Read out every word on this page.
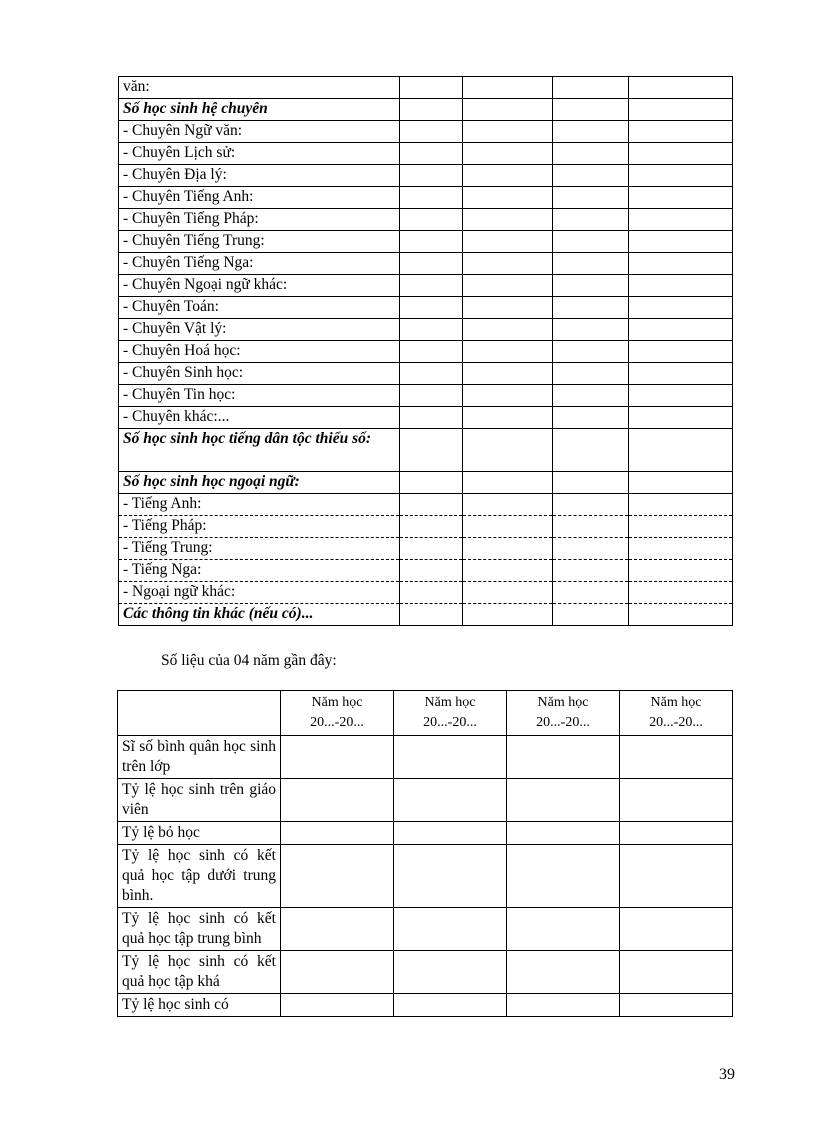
văn:				
Số học sinh hệ chuyên				
- Chuyên Ngữ văn:				
- Chuyên Lịch sử:				
- Chuyên Địa lý:				
- Chuyên Tiếng Anh:				
- Chuyên Tiếng Pháp:				
- Chuyên Tiếng Trung:				
- Chuyên Tiếng Nga:				
- Chuyên Ngoại ngữ khác:				
- Chuyên Toán:				
- Chuyên Vật lý:				
- Chuyên Hoá học:				
- Chuyên Sinh học:				
- Chuyên Tin học:				
- Chuyên khác:...				
Số học sinh học tiếng dân tộc thiểu số:				
Số học sinh học ngoại ngữ:				
- Tiếng Anh:				
- Tiếng Pháp:				
- Tiếng Trung:				
- Tiếng Nga:				
- Ngoại ngữ khác:				
Các thông tin khác (nếu có)...				
Số liệu của 04 năm gần đây:
	Năm học 20...-20...	Năm học 20...-20...	Năm học 20...-20...	Năm học 20...-20...
Sĩ số bình quân học sinh trên lớp				
Tỷ lệ học sinh trên giáo viên				
Tỷ lệ bỏ học				
Tỷ lệ học sinh có kết quả học tập dưới trung bình.				
Tỷ lệ học sinh có kết quả học tập trung bình				
Tỷ lệ học sinh có kết quả học tập khá				
Tỷ lệ học sinh có				
39
